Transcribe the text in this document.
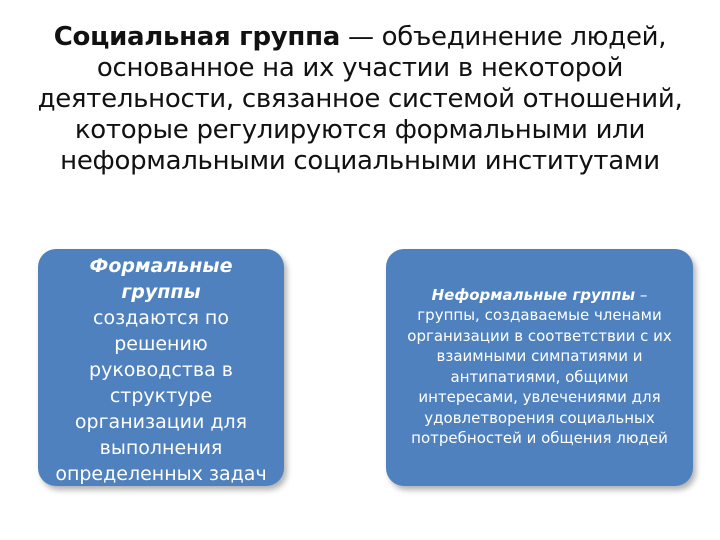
Социальная группа — объединение людей, основанное на их участии в некоторой деятельности, связанное системой отношений, которые регулируются формальными или неформальными социальными институтами
Формальные группы
создаются по решению руководства в структуре организации для выполнения определенных задач
Неформальные группы – группы, создаваемые членами организации в соответствии с их взаимными симпатиями и антипатиями, общими интересами, увлечениями для удовлетворения социальных потребностей и общения людей
